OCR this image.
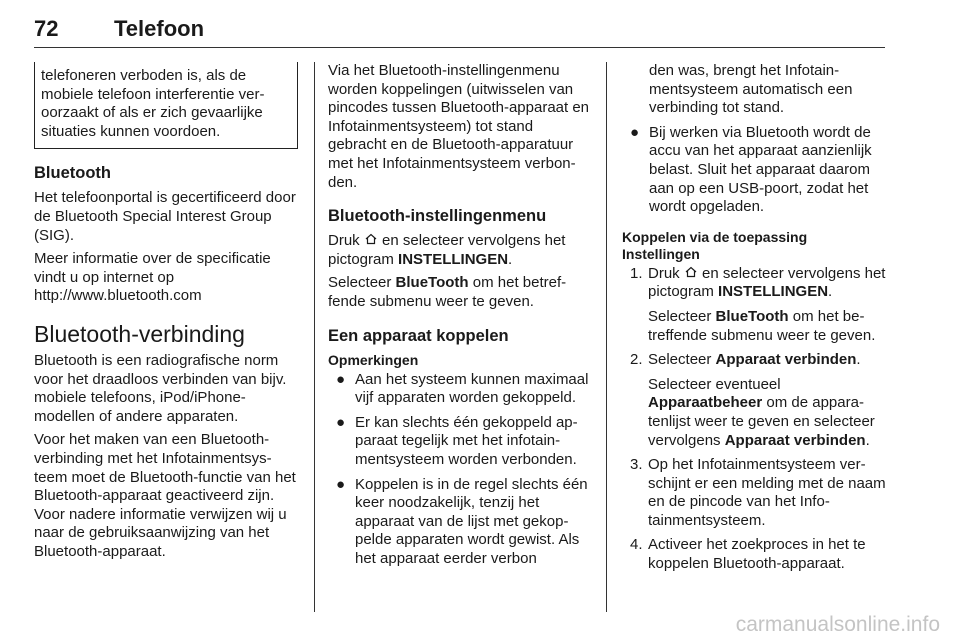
72	Telefoon
telefoneren verboden is, als de mobiele telefoon interferentie veroorzaakt of als er zich gevaarlijke situaties kunnen voordoen.
Bluetooth

Het telefoonportal is gecertificeerd door de Bluetooth Special Interest Group (SIG).

Meer informatie over de specificatie vindt u op internet op http://www.bluetooth.com

Bluetooth-verbinding

Bluetooth is een radiografische norm voor het draadloos verbinden van bijv. mobiele telefoons, iPod/iPhone-modellen of andere apparaten.

Voor het maken van een Bluetooth-verbinding met het Infotainmentsysteem moet de Bluetooth-functie van het Bluetooth-apparaat geactiveerd zijn. Voor nadere informatie verwijzen wij u naar de gebruiksaanwijzing van het Bluetooth-apparaat.

Via het Bluetooth-instellingenmenu worden koppelingen (uitwisselen van pincodes tussen Bluetooth-apparaat en Infotainmentsysteem) tot stand gebracht en de Bluetooth-apparatuur met het Infotainmentsysteem verbonden.

Bluetooth-instellingenmenu

Druk en selecteer vervolgens het pictogram INSTELLINGEN.

Selecteer BlueTooth om het betreffende submenu weer te geven.

Een apparaat koppelen
Opmerkingen
● Aan het systeem kunnen maximaal vijf apparaten worden gekoppeld.
● Er kan slechts één gekoppeld apparaat tegelijk met het infotainmentsysteem worden verbonden.
● Koppelen is in de regel slechts één keer noodzakelijk, tenzij het apparaat van de lijst met gekoppelde apparaten wordt gewist. Als het apparaat eerder verbon
den was, brengt het Infotainmentsysteem automatisch een verbinding tot stand.
● Bij werken via Bluetooth wordt de accu van het apparaat aanzienlijk belast. Sluit het apparaat daarom aan op een USB-poort, zodat het wordt opgeladen.
Koppelen via de toepassing
Instellingen
1. Druk en selecteer vervolgens het pictogram INSTELLINGEN.
Selecteer BlueTooth om het betreffende submenu weer te geven.
2. Selecteer Apparaat verbinden.
Selecteer eventueel
Apparaatbeheer om de apparatenlijst weer te geven en selecteer vervolgens Apparaat verbinden.
3. Op het Infotainmentsysteem verschijnt er een melding met de naam en de pincode van het Infotainmentsysteem.
4. Activeer het zoekproces in het te koppelen Bluetooth-apparaat.
carmanualsonline.info
